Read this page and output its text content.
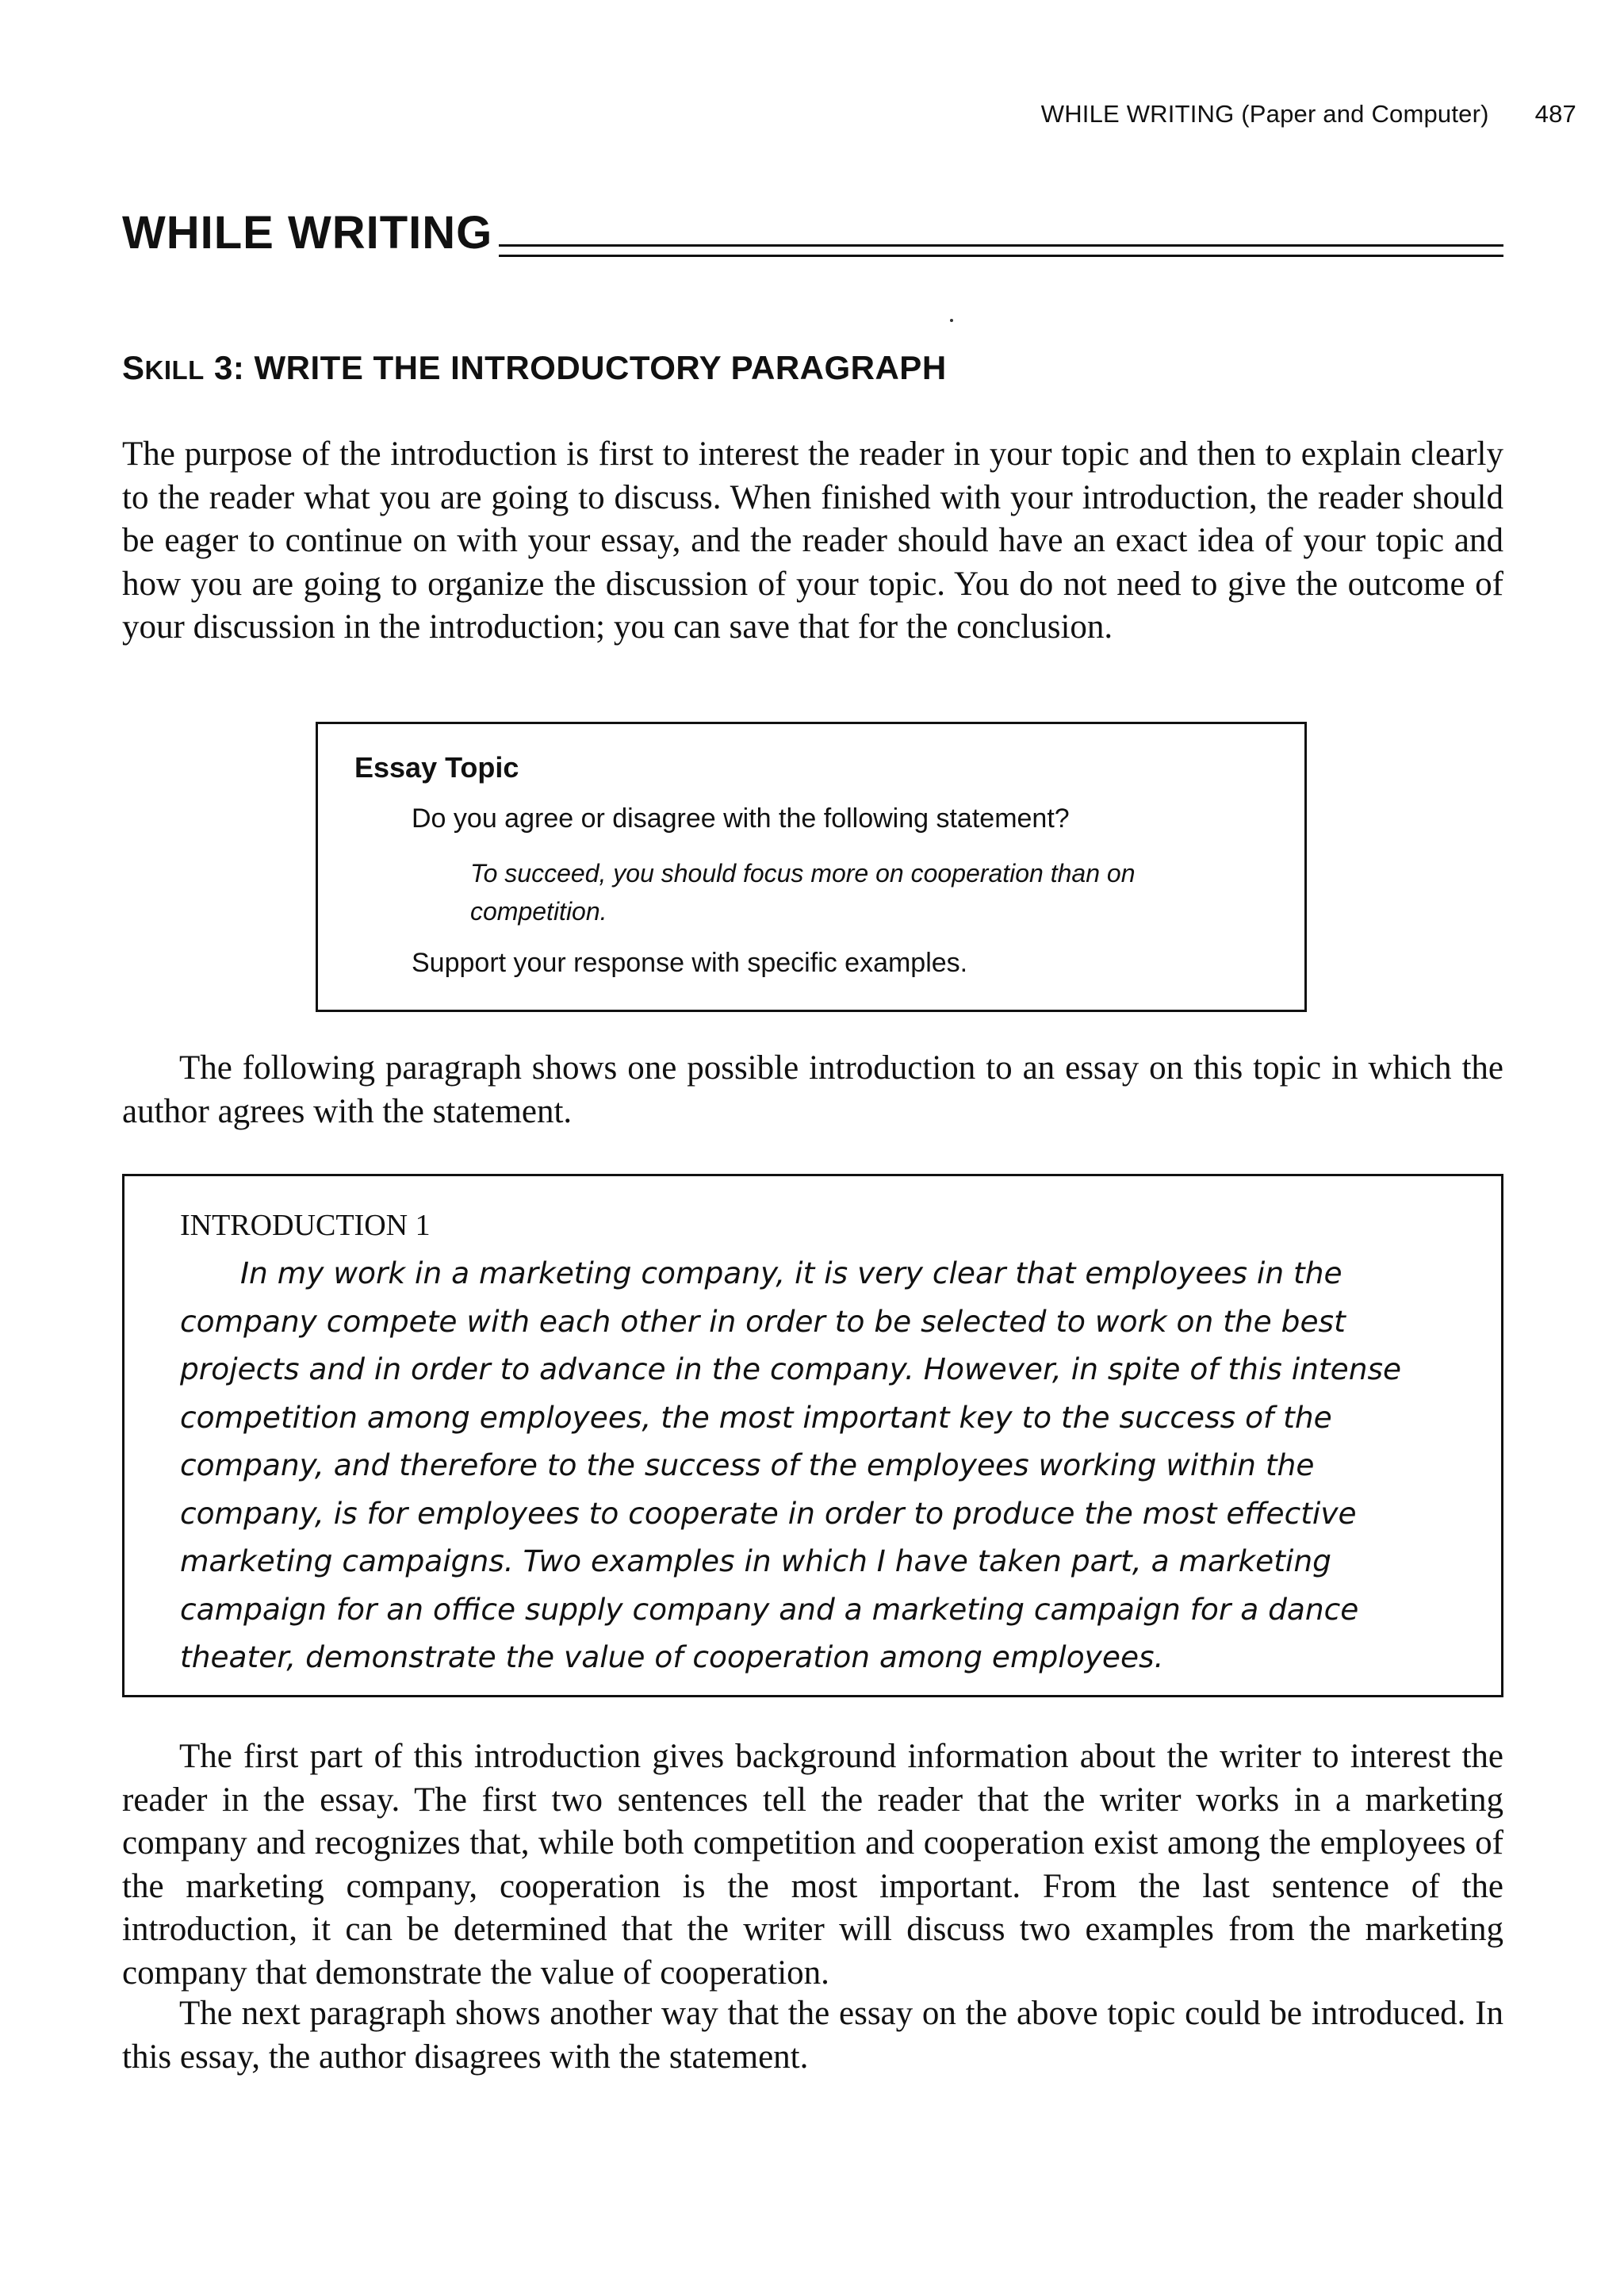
WHILE WRITING (Paper and Computer) 487
WHILE WRITING
SKILL 3: WRITE THE INTRODUCTORY PARAGRAPH

The purpose of the introduction is first to interest the reader in your topic and then to explain clearly to the reader what you are going to discuss. When finished with your introduction, the reader should be eager to continue on with your essay, and the reader should have an exact idea of your topic and how you are going to organize the discussion of your topic. You do not need to give the outcome of your discussion in the introduction; you can save that for the conclusion.

Essay Topic
Do you agree or disagree with the following statement?
To succeed, you should focus more on cooperation than on competition.
Support your response with specific examples.

The following paragraph shows one possible introduction to an essay on this topic in which the author agrees with the statement.

INTRODUCTION 1

In my work in a marketing company, it is very clear that employees in the company compete with each other in order to be selected to work on the best projects and in order to advance in the company. However, in spite of this intense competition among employees, the most important key to the success of the company, and therefore to the success of the employees working within the company, is for employees to cooperate in order to produce the most effective marketing campaigns. Two examples in which I have taken part, a marketing campaign for an office supply company and a marketing campaign for a dance theater, demonstrate the value of cooperation among employees.

The first part of this introduction gives background information about the writer to interest the reader in the essay. The first two sentences tell the reader that the writer works in a marketing company and recognizes that, while both competition and cooperation exist among the employees of the marketing company, cooperation is the most important. From the last sentence of the introduction, it can be determined that the writer will discuss two examples from the marketing company that demonstrate the value of cooperation.

The next paragraph shows another way that the essay on the above topic could be introduced. In this essay, the author disagrees with the statement.
